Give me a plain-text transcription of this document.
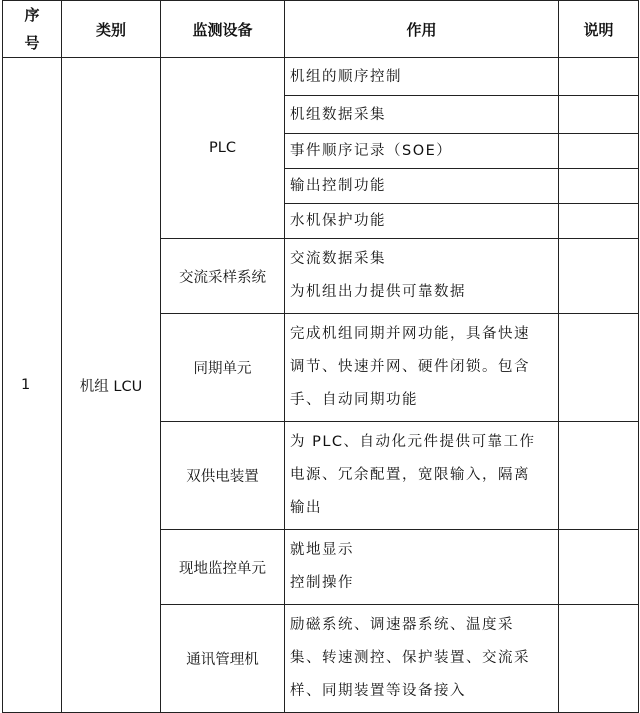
序
号	类别	监测设备	作用	说明
1	机组 LCU	PLC	机组的顺序控制	
			机组数据采集	
			事件顺序记录（SOE）	
			输出控制功能	
			水机保护功能	
		交流采样系统	交流数据采集
为机组出力提供可靠数据	

		同期单元	完成机组同期并网功能，具备快速
调节、快速并网、硬件闭锁。包含
手、自动同期功能	

		双供电装置	为 PLC、自动化元件提供可靠工作
电源、冗余配置，宽限输入，隔离
输出	

		现地监控单元	就地显示
控制操作	

		通讯管理机	励磁系统、调速器系统、温度采
集、转速测控、保护装置、交流采
样、同期装置等设备接入	
